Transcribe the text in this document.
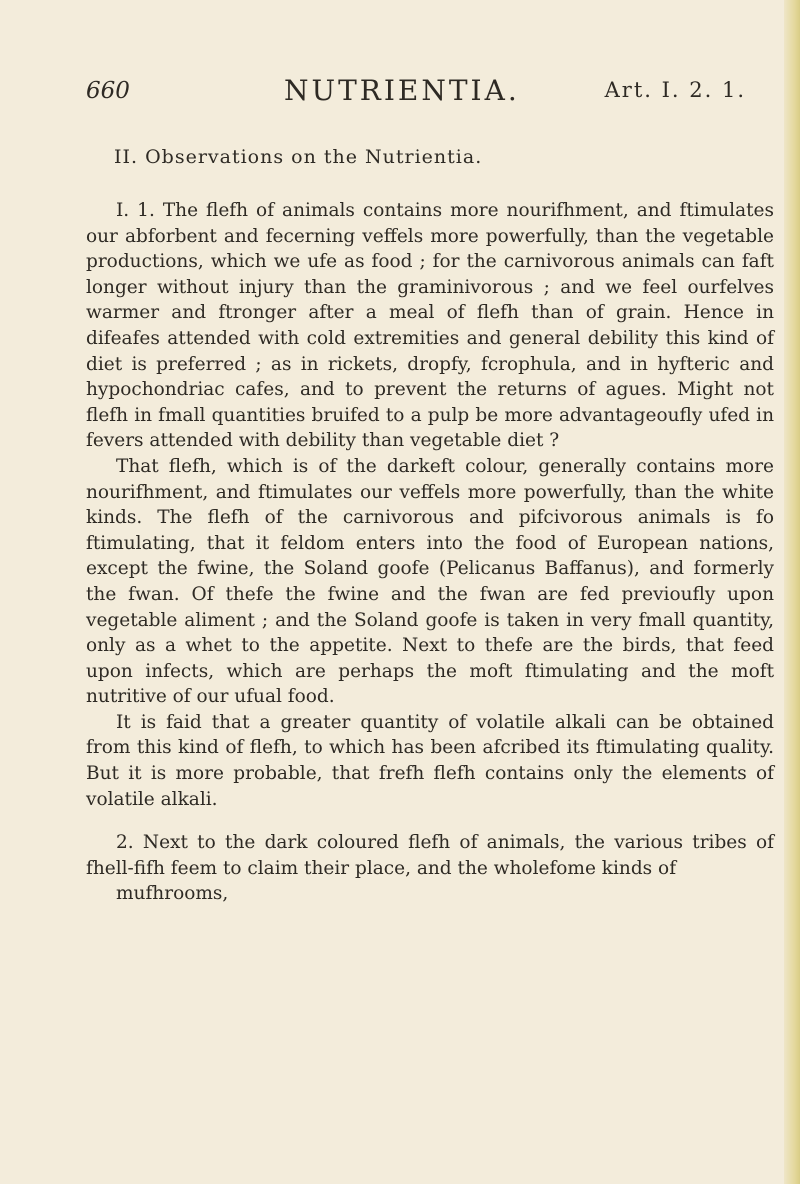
660	NUTRIENTIA.	Art. I. 2. 1.
II. Observations on the Nutrientia.

I. 1. The flefh of animals contains more nourifhment, and ftimulates our abforbent and fecerning veffels more powerfully, than the vegetable productions, which we ufe as food ; for the carnivorous animals can faft longer without injury than the graminivorous ; and we feel ourfelves warmer and ftronger after a meal of flefh than of grain. Hence in difeafes attended with cold extremities and general debility this kind of diet is preferred ; as in rickets, dropfy, fcrophula, and in hyfteric and hypochondriac cafes, and to prevent the returns of agues. Might not flefh in fmall quantities bruifed to a pulp be more advantageoufly ufed in fevers attended with debility than vegetable diet ?

That flefh, which is of the darkeft colour, generally contains more nourifhment, and ftimulates our veffels more powerfully, than the white kinds. The flefh of the carnivorous and pifcivorous animals is fo ftimulating, that it feldom enters into the food of European nations, except the fwine, the Soland goofe (Pelicanus Baffanus), and formerly the fwan. Of thefe the fwine and the fwan are fed previoufly upon vegetable aliment ; and the Soland goofe is taken in very fmall quantity, only as a whet to the appetite. Next to thefe are the birds, that feed upon infects, which are perhaps the moft ftimulating and the moft nutritive of our ufual food.

It is faid that a greater quantity of volatile alkali can be obtained from this kind of flefh, to which has been afcribed its ftimulating quality. But it is more probable, that frefh flefh contains only the elements of volatile alkali.

2. Next to the dark coloured flefh of animals, the various tribes of fhell-fifh feem to claim their place, and the wholefome kinds of

mufhrooms,
